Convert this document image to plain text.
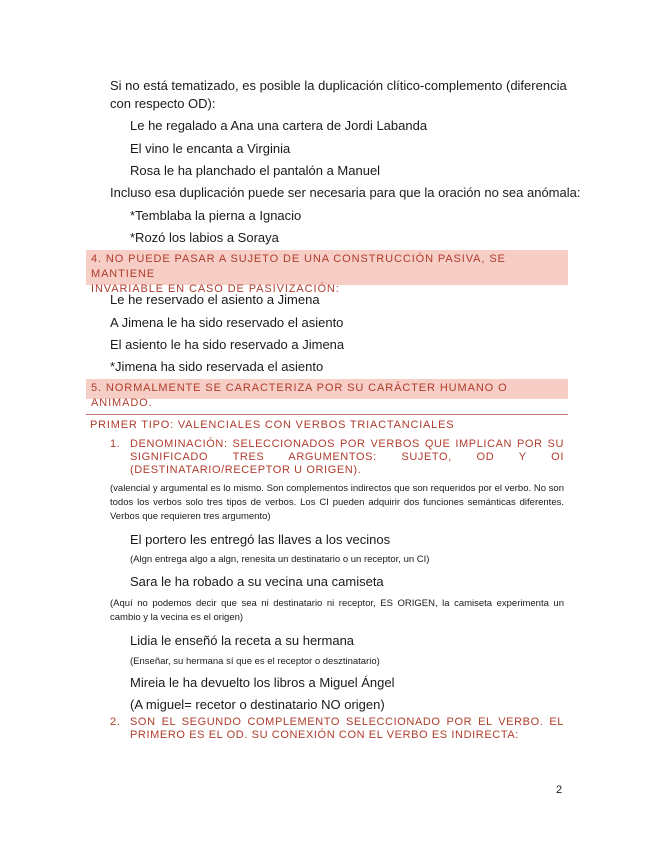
Si no está tematizado, es posible la duplicación clítico-complemento (diferencia

con respecto OD):

Le he regalado a Ana una cartera de Jordi Labanda

El vino le encanta a Virginia

Rosa le ha planchado el pantalón a Manuel

Incluso esa duplicación puede ser necesaria para que la oración no sea anómala:

*Temblaba la pierna a Ignacio

*Rozó los labios a Soraya

4. NO PUEDE PASAR A SUJETO DE UNA CONSTRUCCIÓN PASIVA, SE MANTIENE
INVARIABLE EN CASO DE PASIVIZACIÓN:

Le he reservado el asiento a Jimena

A Jimena le ha sido reservado el asiento

El asiento le ha sido reservado a Jimena

*Jimena ha sido reservada el asiento

5. NORMALMENTE SE CARACTERIZA POR SU CARÁCTER HUMANO O ANIMADO.

PRIMER TIPO: VALENCIALES CON VERBOS TRIACTANCIALES

1. DENOMINACIÓN: SELECCIONADOS POR VERBOS QUE IMPLICAN POR SU SIGNIFICADO TRES ARGUMENTOS: SUJETO, OD Y OI (DESTINATARIO/RECEPTOR U ORIGEN).

(valencial y argumental es lo mismo. Son complementos indirectos que son requeridos por el verbo. No son todos los verbos solo tres tipos de verbos. Los CI pueden adquirir dos funciones semánticas diferentes. Verbos que requieren tres argumento)

El portero les entregó las llaves a los vecinos

(Algn entrega algo a algn, renesita un destinatario o un receptor, un CI)

Sara le ha robado a su vecina una camiseta

(Aquí no podemos decir que sea ni destinatario ni receptor, ES ORIGEN, la camiseta experimenta un cambio y la vecina es el origen)

Lidia le enseñó la receta a su hermana

(Enseñar, su hermana sí que es el receptor o desztinatario)

Mireia le ha devuelto los libros a Miguel Ángel

(A miguel= recetor o destinatario NO origen)

2. SON EL SEGUNDO COMPLEMENTO SELECCIONADO POR EL VERBO. EL PRIMERO ES EL OD. SU CONEXIÓN CON EL VERBO ES INDIRECTA:

2
